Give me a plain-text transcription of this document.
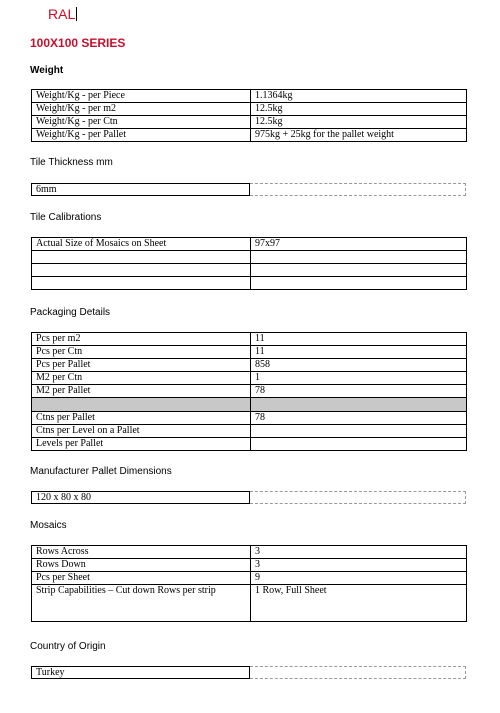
RAL
100X100 SERIES
Weight
Weight/Kg - per Piece	1.1364kg
Weight/Kg - per m2	12.5kg
Weight/Kg - per Ctn	12.5kg
Weight/Kg - per Pallet	975kg + 25kg for the pallet weight
Tile Thickness mm
6mm
Tile Calibrations
Actual Size of Mosaics on Sheet	97x97

Packaging Details
Pcs per m2	11
Pcs per Ctn	11
Pcs per Pallet	858
M2 per Ctn	1
M2 per Pallet	78

Ctns per Pallet	78
Ctns per Level on a Pallet	
Levels per Pallet	
Manufacturer Pallet Dimensions
120 x 80 x 80
Mosaics
Rows Across	3
Rows Down	3
Pcs per Sheet	9
Strip Capabilities – Cut down Rows per strip	1 Row, Full Sheet
Country of Origin
Turkey
